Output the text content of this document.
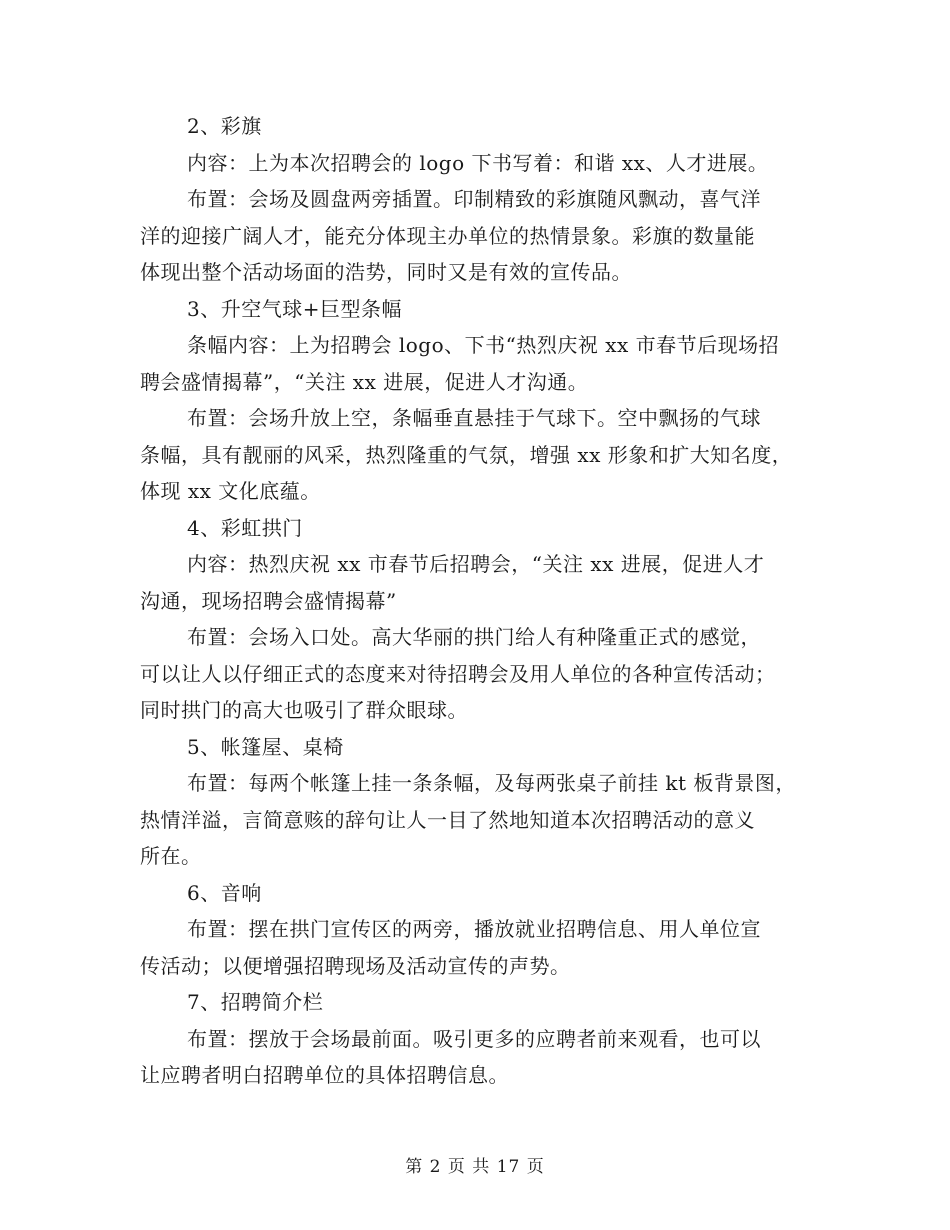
2、彩旗
内容：上为本次招聘会的 logo 下书写着：和谐 xx、人才进展。
布置：会场及圆盘两旁插置。印制精致的彩旗随风飘动，喜气洋
洋的迎接广阔人才，能充分体现主办单位的热情景象。彩旗的数量能
体现出整个活动场面的浩势，同时又是有效的宣传品。
3、升空气球+巨型条幅
条幅内容：上为招聘会 logo、下书“热烈庆祝 xx 市春节后现场招
聘会盛情揭幕”，“关注 xx 进展，促进人才沟通。
布置：会场升放上空，条幅垂直悬挂于气球下。空中飘扬的气球
条幅，具有靓丽的风采，热烈隆重的气氛，增强 xx 形象和扩大知名度，
体现 xx 文化底蕴。
4、彩虹拱门
内容：热烈庆祝 xx 市春节后招聘会，“关注 xx 进展，促进人才
沟通，现场招聘会盛情揭幕”
布置：会场入口处。高大华丽的拱门给人有种隆重正式的感觉，
可以让人以仔细正式的态度来对待招聘会及用人单位的各种宣传活动；
同时拱门的高大也吸引了群众眼球。
5、帐篷屋、桌椅
布置：每两个帐篷上挂一条条幅，及每两张桌子前挂 kt 板背景图，
热情洋溢，言简意赅的辞句让人一目了然地知道本次招聘活动的意义
所在。
6、音响
布置：摆在拱门宣传区的两旁，播放就业招聘信息、用人单位宣
传活动；以便增强招聘现场及活动宣传的声势。
7、招聘简介栏
布置：摆放于会场最前面。吸引更多的应聘者前来观看，也可以
让应聘者明白招聘单位的具体招聘信息。
第 2 页 共 17 页
